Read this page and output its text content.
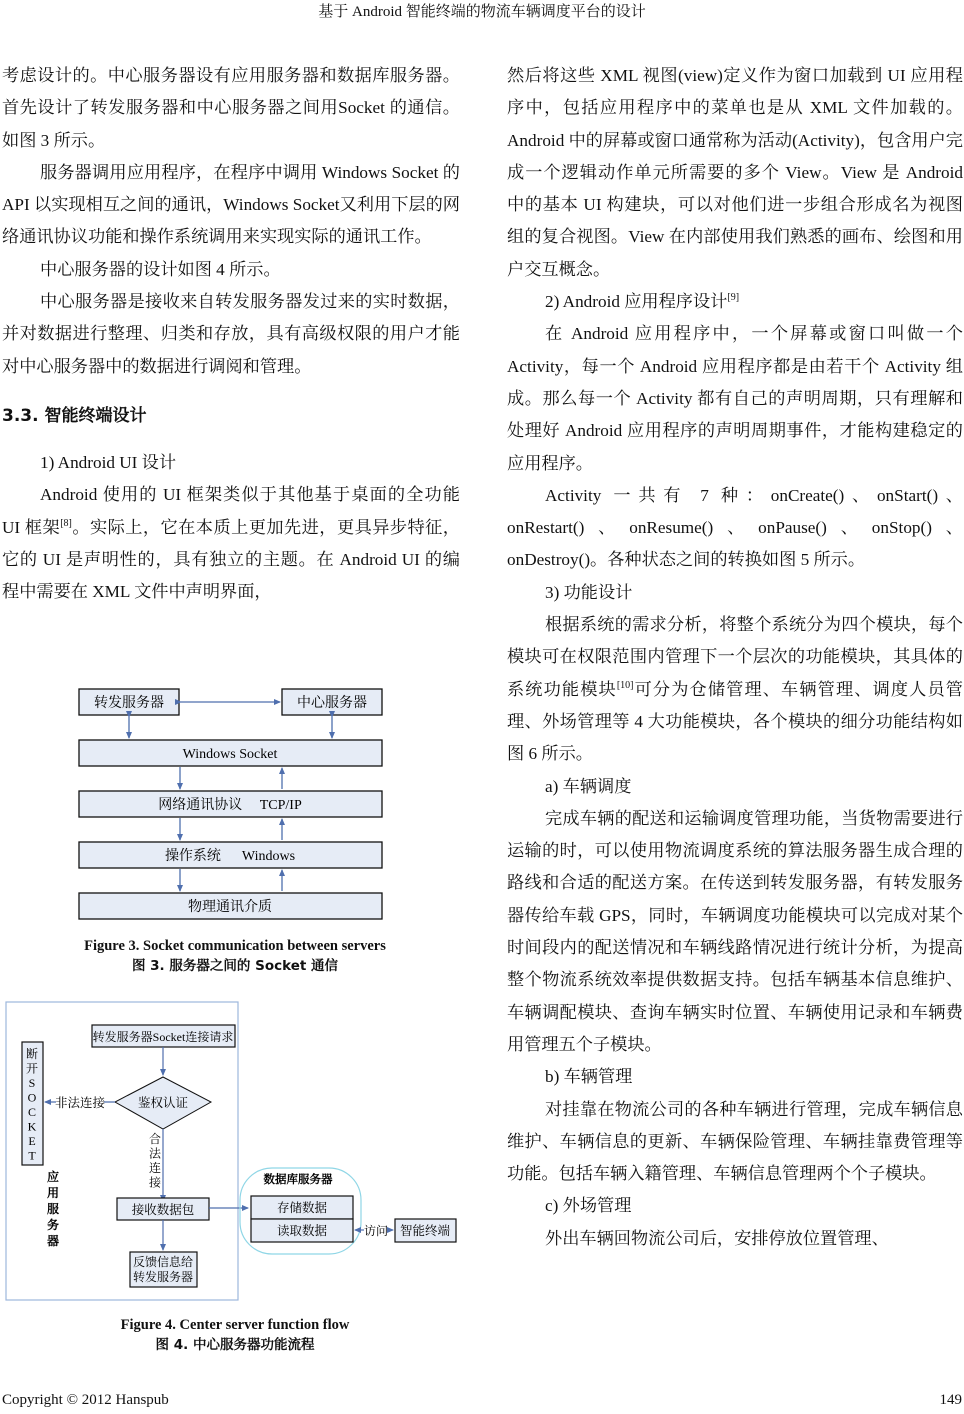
基于 Android 智能终端的物流车辆调度平台的设计

考虑设计的。中心服务器设有应用服务器和数据库服务器。首先设计了转发服务器和中心服务器之间用Socket 的通信。如图 3 所示。

服务器调用应用程序，在程序中调用 Windows Socket 的 API 以实现相互之间的通讯，Windows Socket又利用下层的网络通讯协议功能和操作系统调用来实现实际的通讯工作。

中心服务器的设计如图 4 所示。

中心服务器是接收来自转发服务器发过来的实时数据，并对数据进行整理、归类和存放，具有高级权限的用户才能对中心服务器中的数据进行调阅和管理。

3.3. 智能终端设计

1) Android UI 设计

Android 使用的 UI 框架类似于其他基于桌面的全功能 UI 框架[8]。实际上，它在本质上更加先进，更具异步特征，它的 UI 是声明性的，具有独立的主题。在 Android UI 的编程中需要在 XML 文件中声明界面，

转发服务器	中心服务器
Windows Socket
网络通讯协议     TCP/IP
操作系统      Windows
物理通讯介质
Figure 3. Socket communication between servers
图 3. 服务器之间的 Socket 通信
转发服务器Socket连接请求
鉴权认证
非法连接
断
开
S
O
C
K
E
T
合
法
连
接
应
用
服
务
器
接收数据包
反馈信息给
转发服务器
数据库服务器
存储数据
读取数据	访问 智能终端
Figure 4. Center server function flow
图 4. 中心服务器功能流程

然后将这些 XML 视图(view)定义作为窗口加载到 UI 应用程序中，包括应用程序中的菜单也是从 XML 文件加载的。Android 中的屏幕或窗口通常称为活动(Activity)，包含用户完成一个逻辑动作单元所需要的多个 View。View 是 Android 中的基本 UI 构建块，可以对他们进一步组合形成名为视图组的复合视图。View 在内部使用我们熟悉的画布、绘图和用户交互概念。

2) Android 应用程序设计[9]

在 Android 应用程序中，一个屏幕或窗口叫做一个 Activity，每一个 Android 应用程序都是由若干个 Activity 组成。那么每一个 Activity 都有自己的声明周期，只有理解和处理好 Android 应用程序的声明周期事件，才能构建稳定的应用程序。

Activity 一共有 7 种：onCreate()、onStart()、onRestart()、onResume()、onPause()、onStop()、onDestroy()。各种状态之间的转换如图 5 所示。

3) 功能设计

根据系统的需求分析，将整个系统分为四个模块，每个模块可在权限范围内管理下一个层次的功能模块，其具体的系统功能模块[10]可分为仓储管理、车辆管理、调度人员管理、外场管理等 4 大功能模块，各个模块的细分功能结构如图 6 所示。

a) 车辆调度

完成车辆的配送和运输调度管理功能，当货物需要进行运输的时，可以使用物流调度系统的算法服务器生成合理的路线和合适的配送方案。在传送到转发服务器，有转发服务器传给车载 GPS，同时，车辆调度功能模块可以完成对某个时间段内的配送情况和车辆线路情况进行统计分析，为提高整个物流系统效率提供数据支持。包括车辆基本信息维护、车辆调配模块、查询车辆实时位置、车辆使用记录和车辆费用管理五个子模块。

b) 车辆管理

对挂靠在物流公司的各种车辆进行管理，完成车辆信息维护、车辆信息的更新、车辆保险管理、车辆挂靠费管理等功能。包括车辆入籍管理、车辆信息管理两个个子模块。

c) 外场管理

外出车辆回物流公司后，安排停放位置管理、

Copyright © 2012 Hanspub	149
